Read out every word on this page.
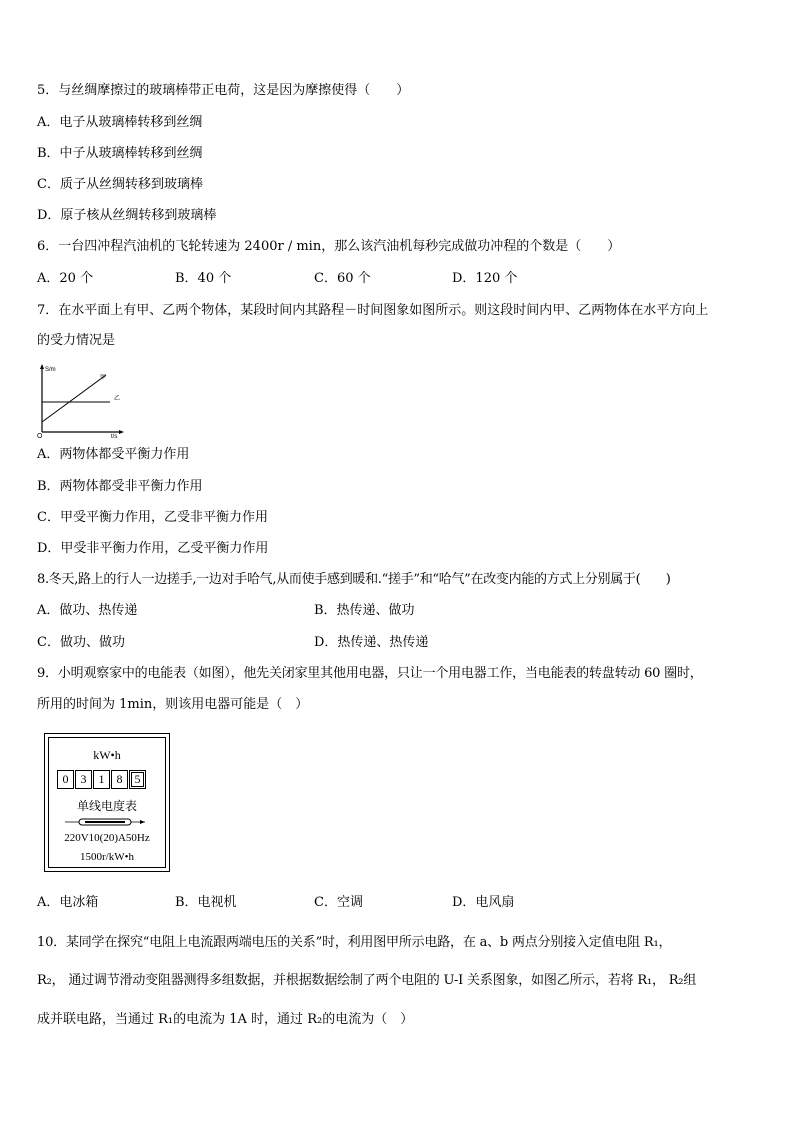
5．与丝绸摩擦过的玻璃棒带正电荷，这是因为摩擦使得（　　）
A．电子从玻璃棒转移到丝绸
B．中子从玻璃棒转移到丝绸
C．质子从丝绸转移到玻璃棒
D．原子核从丝绸转移到玻璃棒
6．一台四冲程汽油机的飞轮转速为 2400r / min，那么该汽油机每秒完成做功冲程的个数是（　　）
A．20 个	B．40 个	C．60 个	D．120 个
7．在水平面上有甲、乙两个物体，某段时间内其路程－时间图象如图所示。则这段时间内甲、乙两物体在水平方向上
的受力情况是
S/m
t/s
O
甲
乙
A．两物体都受平衡力作用
B．两物体都受非平衡力作用
C．甲受平衡力作用，乙受非平衡力作用
D．甲受非平衡力作用，乙受平衡力作用
8.冬天,路上的行人一边搓手,一边对手哈气,从而使手感到暖和.“搓手”和“哈气”在改变内能的方式上分别属于(　　)
A．做功、热传递	B．热传递、做功
C．做功、做功	D．热传递、热传递
9．小明观察家中的电能表（如图），他先关闭家里其他用电器，只让一个用电器工作，当电能表的转盘转动 60 圈时，
所用的时间为 1min，则该用电器可能是（　）
kW•h
0	3	1	8	5
单线电度表
220V10(20)A50Hz
1500r/kW•h
A．电冰箱	B．电视机	C．空调	D．电风扇
10．某同学在探究“电阻上电流跟两端电压的关系”时，利用图甲所示电路，在 a、b 两点分别接入定值电阻 R₁，
R₂， 通过调节滑动变阻器测得多组数据，并根据数据绘制了两个电阻的 U-I 关系图象，如图乙所示，若将 R₁， R₂组
成并联电路，当通过 R₁的电流为 1A 时，通过 R₂的电流为（　）
